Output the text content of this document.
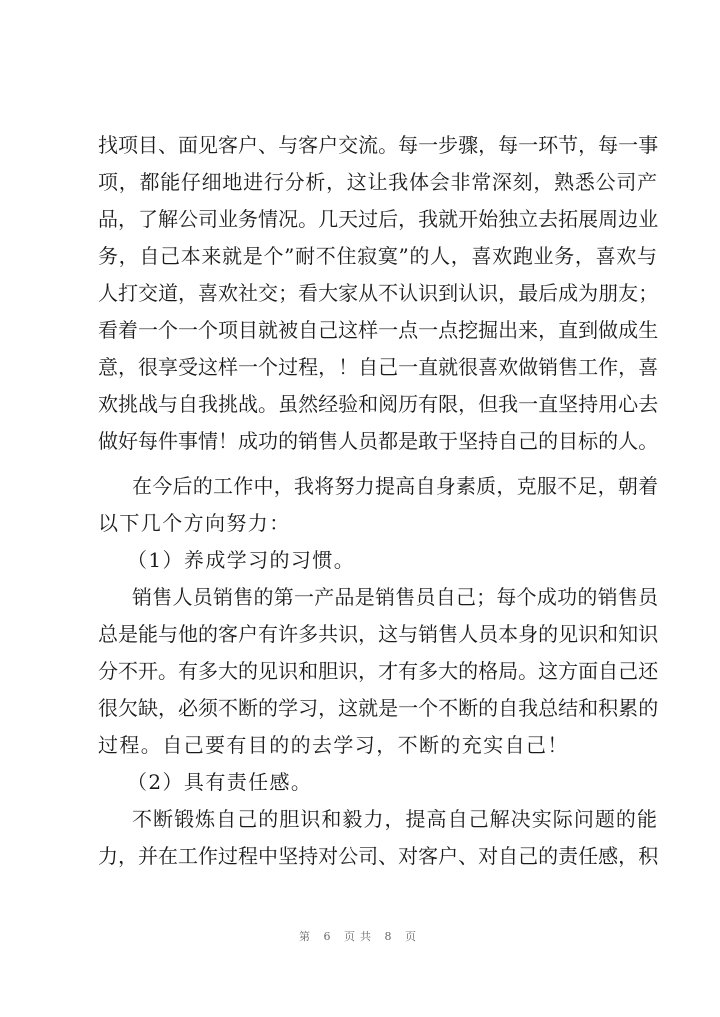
找项目、面见客户、与客户交流。每一步骤，每一环节，每一事
项，都能仔细地进行分析，这让我体会非常深刻，熟悉公司产
品，了解公司业务情况。几天过后，我就开始独立去拓展周边业
务，自己本来就是个”耐不住寂寞”的人，喜欢跑业务，喜欢与
人打交道，喜欢社交；看大家从不认识到认识，最后成为朋友；
看着一个一个项目就被自己这样一点一点挖掘出来，直到做成生
意，很享受这样一个过程，！自己一直就很喜欢做销售工作，喜
欢挑战与自我挑战。虽然经验和阅历有限，但我一直坚持用心去
做好每件事情！成功的销售人员都是敢于坚持自己的目标的人。
在今后的工作中，我将努力提高自身素质，克服不足，朝着
以下几个方向努力：
（1）养成学习的习惯。
销售人员销售的第一产品是销售员自己；每个成功的销售员
总是能与他的客户有许多共识，这与销售人员本身的见识和知识
分不开。有多大的见识和胆识，才有多大的格局。这方面自己还
很欠缺，必须不断的学习，这就是一个不断的自我总结和积累的
过程。自己要有目的的去学习，不断的充实自己！
（2）具有责任感。
不断锻炼自己的胆识和毅力，提高自己解决实际问题的能
力，并在工作过程中坚持对公司、对客户、对自己的责任感，积
第 6 页共 8 页
